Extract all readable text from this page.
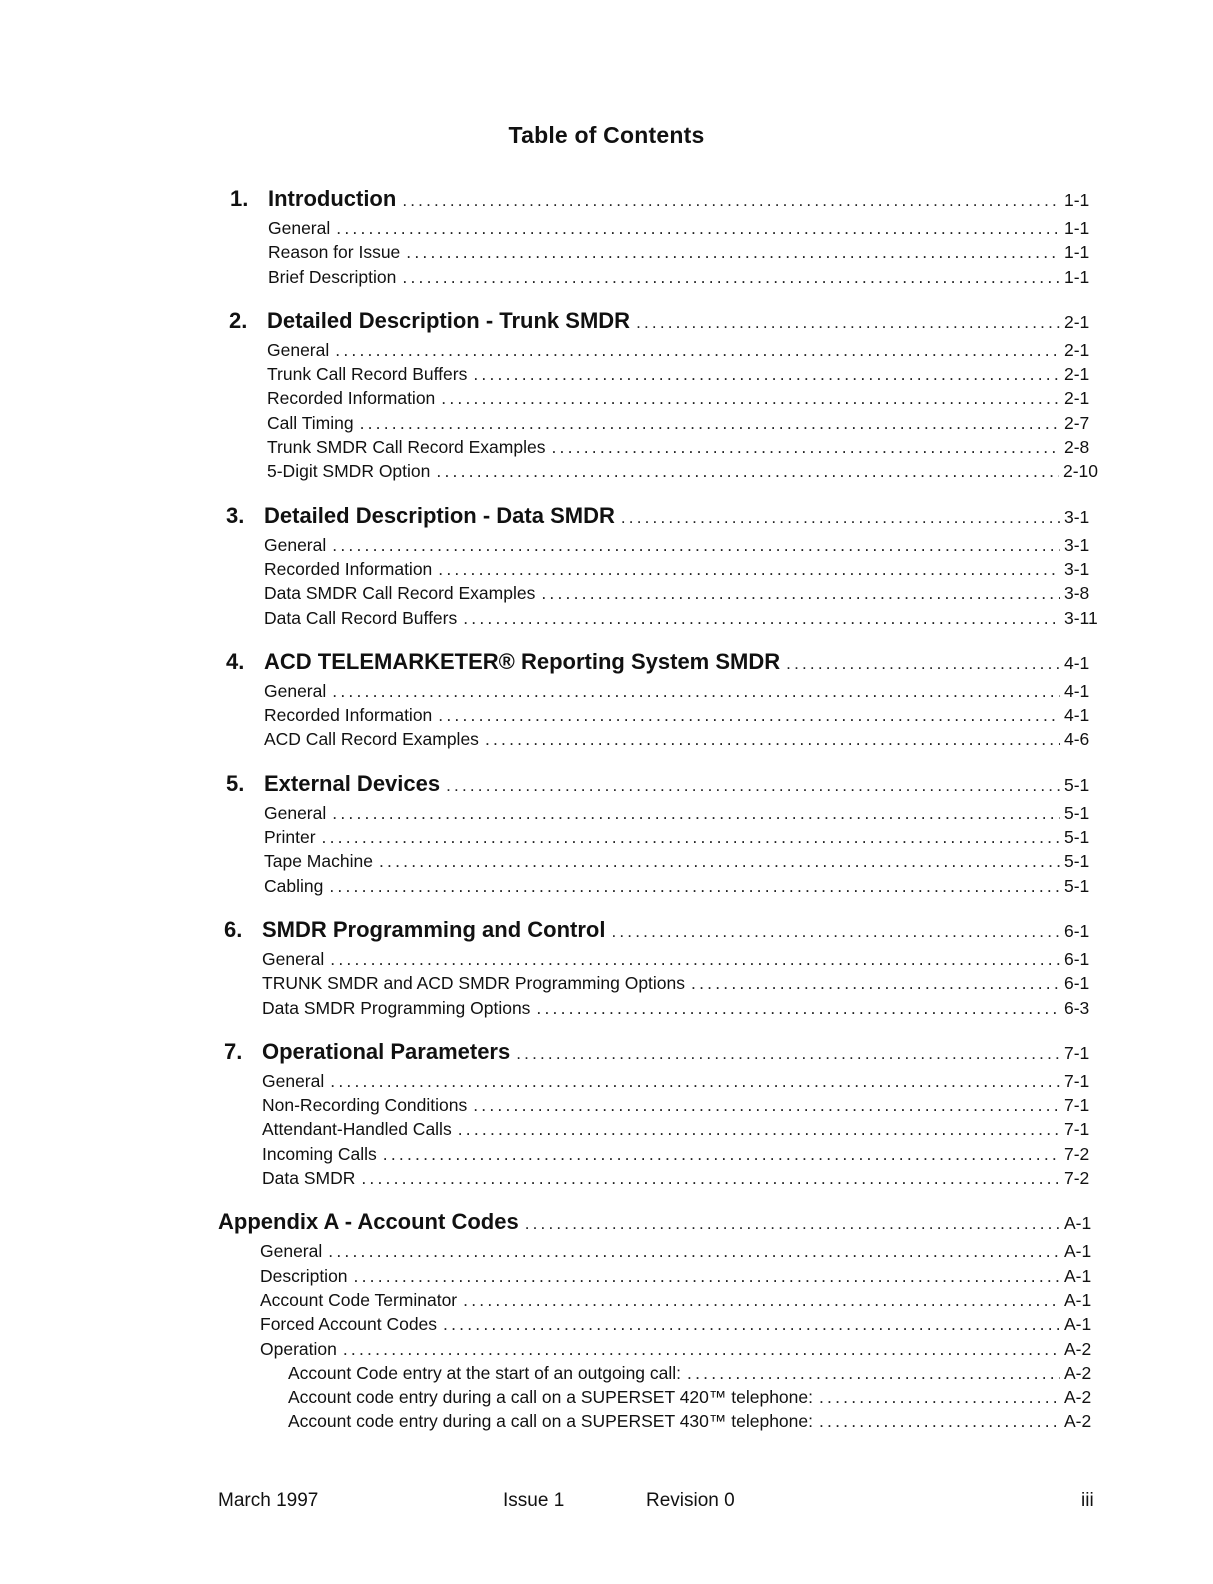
Table of Contents
1. Introduction .....	1-1
General .....	1-1
Reason for Issue .....	1-1
Brief Description .....	1-1
2. Detailed Description - Trunk SMDR .....	2-1
General .....	2-1
Trunk Call Record Buffers .....	2-1
Recorded Information .....	2-1
Call Timing .....	2-7
Trunk SMDR Call Record Examples .....	2-8
5-Digit SMDR Option .....	2-10
3. Detailed Description - Data SMDR .....	3-1
General .....	3-1
Recorded Information .....	3-1
Data SMDR Call Record Examples .....	3-8
Data Call Record Buffers .....	3-11
4. ACD TELEMARKETER® Reporting System SMDR .....	4-1
General .....	4-1
Recorded Information .....	4-1
ACD Call Record Examples .....	4-6
5. External Devices .....	5-1
General .....	5-1
Printer .....	5-1
Tape Machine .....	5-1
Cabling .....	5-1
6. SMDR Programming and Control .....	6-1
General .....	6-1
TRUNK SMDR and ACD SMDR Programming Options .....	6-1
Data SMDR Programming Options .....	6-3
7. Operational Parameters .....	7-1
General .....	7-1
Non-Recording Conditions .....	7-1
Attendant-Handled Calls .....	7-1
Incoming Calls .....	7-2
Data SMDR .....	7-2
Appendix A - Account Codes .....	A-1
General .....	A-1
Description .....	A-1
Account Code Terminator .....	A-1
Forced Account Codes .....	A-1
Operation .....	A-2
Account Code entry at the start of an outgoing call: .....	A-2
Account code entry during a call on a SUPERSET 420™ telephone: .....	A-2
Account code entry during a call on a SUPERSET 430™ telephone: .....	A-2
March 1997	Issue 1	Revision 0	iii
